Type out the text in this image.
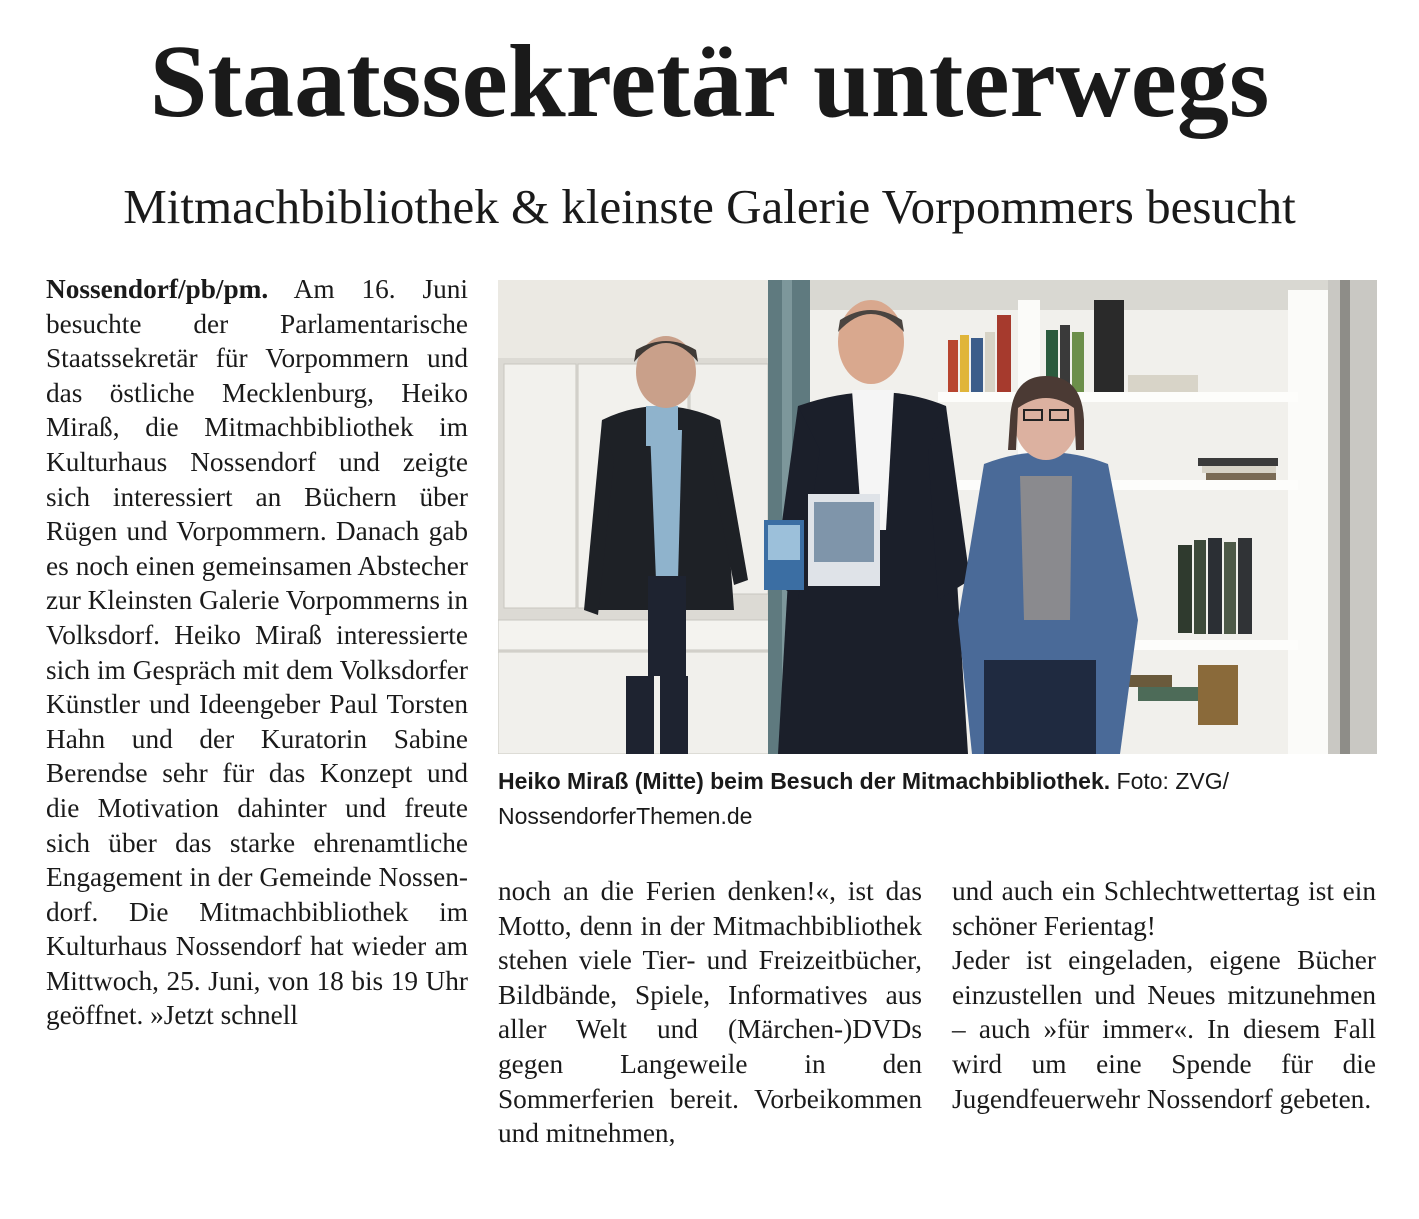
Staatssekretär unterwegs
Mitmachbibliothek & kleinste Galerie Vorpommers besucht

Nossendorf/pb/pm. Am 16. Juni besuchte der Parlamentarische Staatssekretär für Vorpommern und das östliche Mecklenburg, Heiko Miraß, die Mitmachbibliothek im Kulturhaus Nossendorf und zeigte sich interessiert an Büchern über Rügen und Vorpommern. Danach gab es noch einen gemeinsamen Abstecher zur Kleinsten Galerie Vorpommerns in Volksdorf. Heiko Miraß interessierte sich im Gespräch mit dem Volksdorfer Künstler und Ideengeber Paul Torsten Hahn und der Kuratorin Sabine Berendse sehr für das Konzept und die Motivation dahinter und freute sich über das starke ehrenamtliche Engagement in der Gemeinde Nossendorf. Die Mitmachbibliothek im Kulturhaus Nossendorf hat wieder am Mittwoch, 25. Juni, von 18 bis 19 Uhr geöffnet. »Jetzt schnell

Heiko Miraß (Mitte) beim Besuch der Mitmachbibliothek. Foto: ZVG/ NossendorferThemen.de

noch an die Ferien denken!«, ist das Motto, denn in der Mitmachbibliothek stehen viele Tier- und Freizeitbücher, Bildbände, Spiele, Informatives aus aller Welt und (Märchen-)DVDs gegen Langeweile in den Sommerferien bereit. Vorbeikommen und mitnehmen,

und auch ein Schlechtwettertag ist ein schöner Ferientag!

Jeder ist eingeladen, eigene Bücher einzustellen und Neues mitzunehmen – auch »für immer«. In diesem Fall wird um eine Spende für die Jugendfeuerwehr Nossendorf gebeten.
